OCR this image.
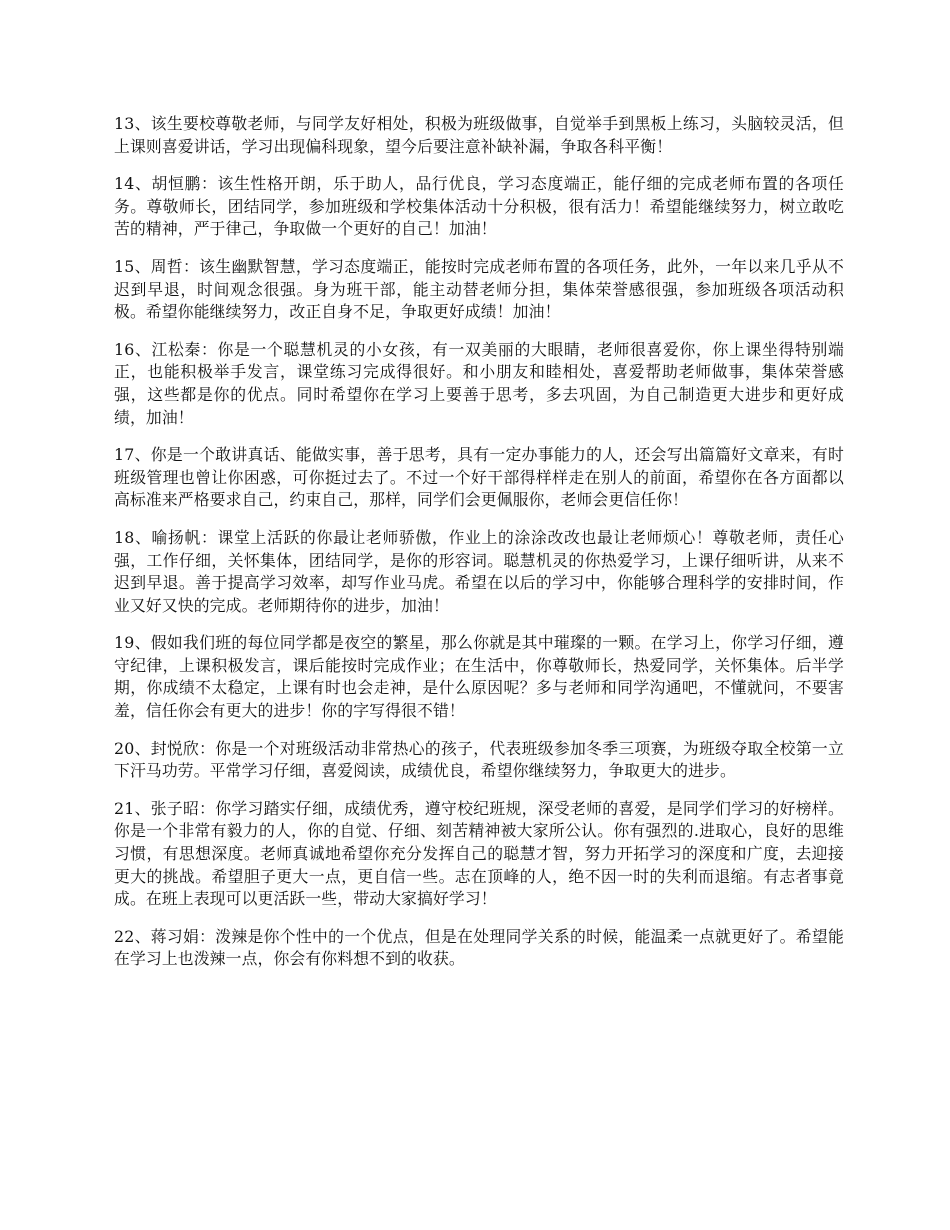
13、该生要校尊敬老师，与同学友好相处，积极为班级做事，自觉举手到黑板上练习，头脑较灵活，但上课则喜爱讲话，学习出现偏科现象，望今后要注意补缺补漏，争取各科平衡！

14、胡恒鹏：该生性格开朗，乐于助人，品行优良，学习态度端正，能仔细的完成老师布置的各项任务。尊敬师长，团结同学，参加班级和学校集体活动十分积极，很有活力！希望能继续努力，树立敢吃苦的精神，严于律己，争取做一个更好的自己！加油！

15、周哲：该生幽默智慧，学习态度端正，能按时完成老师布置的各项任务，此外，一年以来几乎从不迟到早退，时间观念很强。身为班干部，能主动替老师分担，集体荣誉感很强，参加班级各项活动积极。希望你能继续努力，改正自身不足，争取更好成绩！加油！

16、江松秦：你是一个聪慧机灵的小女孩，有一双美丽的大眼睛，老师很喜爱你，你上课坐得特别端正，也能积极举手发言，课堂练习完成得很好。和小朋友和睦相处，喜爱帮助老师做事，集体荣誉感强，这些都是你的优点。同时希望你在学习上要善于思考，多去巩固，为自己制造更大进步和更好成绩，加油！

17、你是一个敢讲真话、能做实事，善于思考，具有一定办事能力的人，还会写出篇篇好文章来，有时班级管理也曾让你困惑，可你挺过去了。不过一个好干部得样样走在别人的前面，希望你在各方面都以高标准来严格要求自己，约束自己，那样，同学们会更佩服你，老师会更信任你！

18、喻扬帆：课堂上活跃的你最让老师骄傲，作业上的涂涂改改也最让老师烦心！尊敬老师，责任心强，工作仔细，关怀集体，团结同学，是你的形容词。聪慧机灵的你热爱学习，上课仔细听讲，从来不迟到早退。善于提高学习效率，却写作业马虎。希望在以后的学习中，你能够合理科学的安排时间，作业又好又快的完成。老师期待你的进步，加油！

19、假如我们班的每位同学都是夜空的繁星，那么你就是其中璀璨的一颗。在学习上，你学习仔细，遵守纪律，上课积极发言，课后能按时完成作业；在生活中，你尊敬师长，热爱同学，关怀集体。后半学期，你成绩不太稳定，上课有时也会走神，是什么原因呢？多与老师和同学沟通吧，不懂就问，不要害羞，信任你会有更大的进步！你的字写得很不错！

20、封悦欣：你是一个对班级活动非常热心的孩子，代表班级参加冬季三项赛，为班级夺取全校第一立下汗马功劳。平常学习仔细，喜爱阅读，成绩优良，希望你继续努力，争取更大的进步。

21、张子昭：你学习踏实仔细，成绩优秀，遵守校纪班规，深受老师的喜爱，是同学们学习的好榜样。你是一个非常有毅力的人，你的自觉、仔细、刻苦精神被大家所公认。你有强烈的.进取心，良好的思维习惯，有思想深度。老师真诚地希望你充分发挥自己的聪慧才智，努力开拓学习的深度和广度，去迎接更大的挑战。希望胆子更大一点，更自信一些。志在顶峰的人，绝不因一时的失利而退缩。有志者事竟成。在班上表现可以更活跃一些，带动大家搞好学习！

22、蒋习娟：泼辣是你个性中的一个优点，但是在处理同学关系的时候，能温柔一点就更好了。希望能在学习上也泼辣一点，你会有你料想不到的收获。
